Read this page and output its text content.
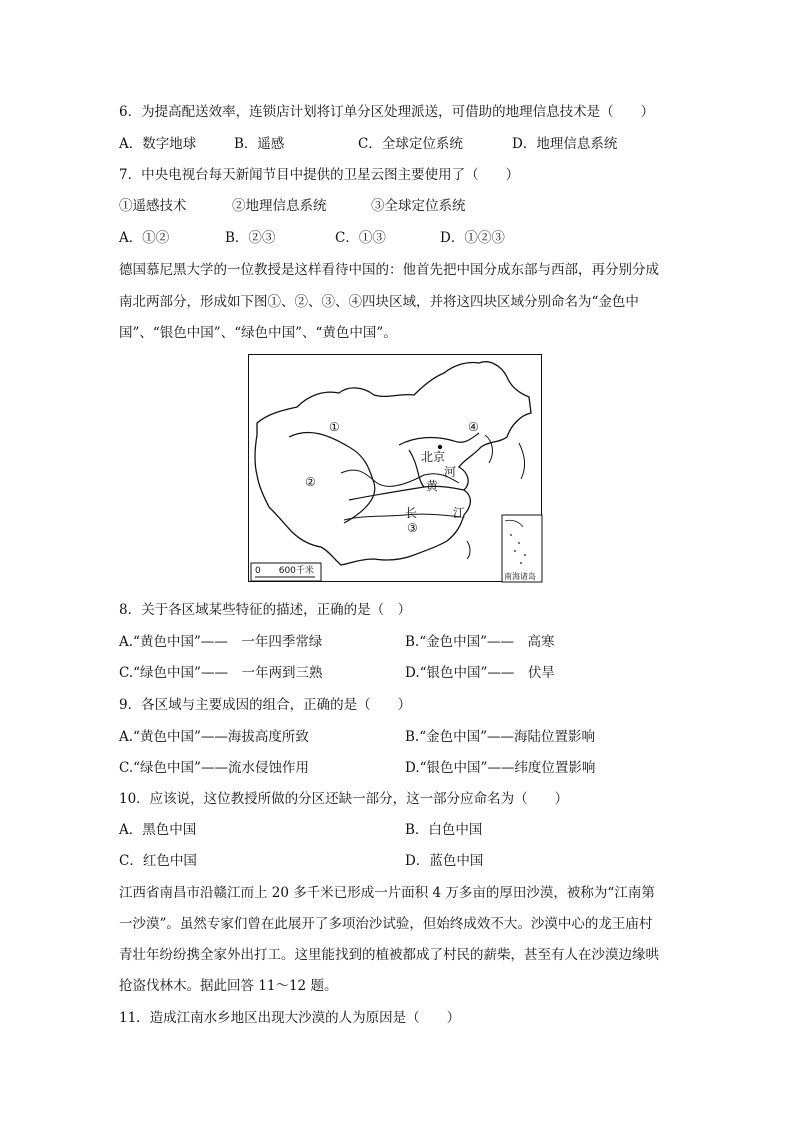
6．为提高配送效率，连锁店计划将订单分区处理派送，可借助的地理信息技术是（　　）
A．数字地球	B．遥感	C．全球定位系统	D．地理信息系统
7．中央电视台每天新闻节目中提供的卫星云图主要使用了（　　）
①遥感技术	②地理信息系统	③全球定位系统
A．①②	B．②③	C．①③	D．①②③
德国慕尼黑大学的一位教授是这样看待中国的：他首先把中国分成东部与西部，再分别分成
南北两部分，形成如下图①、②、③、④四块区域，并将这四块区域分别命名为“金色中
国”、“银色中国”、“绿色中国”、“黄色中国”。
①
②
③
④
北京
黄
河
长	江
0　　600千米
南海诸岛
8．关于各区域某些特征的描述，正确的是（　）
A.“黄色中国”——　一年四季常绿	B.“金色中国”——　高寒
C.“绿色中国”——　一年两到三熟	D.“银色中国”——　伏旱
9．各区域与主要成因的组合，正确的是（　　）
A.“黄色中国”——海拔高度所致	B.“金色中国”——海陆位置影响
C.“绿色中国”——流水侵蚀作用	D.“银色中国”——纬度位置影响
10．应该说，这位教授所做的分区还缺一部分，这一部分应命名为（　　）
A．黑色中国	B．白色中国
C．红色中国	D．蓝色中国
江西省南昌市沿赣江而上 20 多千米已形成一片面积 4 万多亩的厚田沙漠，被称为“江南第
一沙漠”。虽然专家们曾在此展开了多项治沙试验，但始终成效不大。沙漠中心的龙王庙村
青壮年纷纷携全家外出打工。这里能找到的植被都成了村民的薪柴，甚至有人在沙漠边缘哄
抢盗伐林木。据此回答 11～12 题。
11．造成江南水乡地区出现大沙漠的人为原因是（　　）
